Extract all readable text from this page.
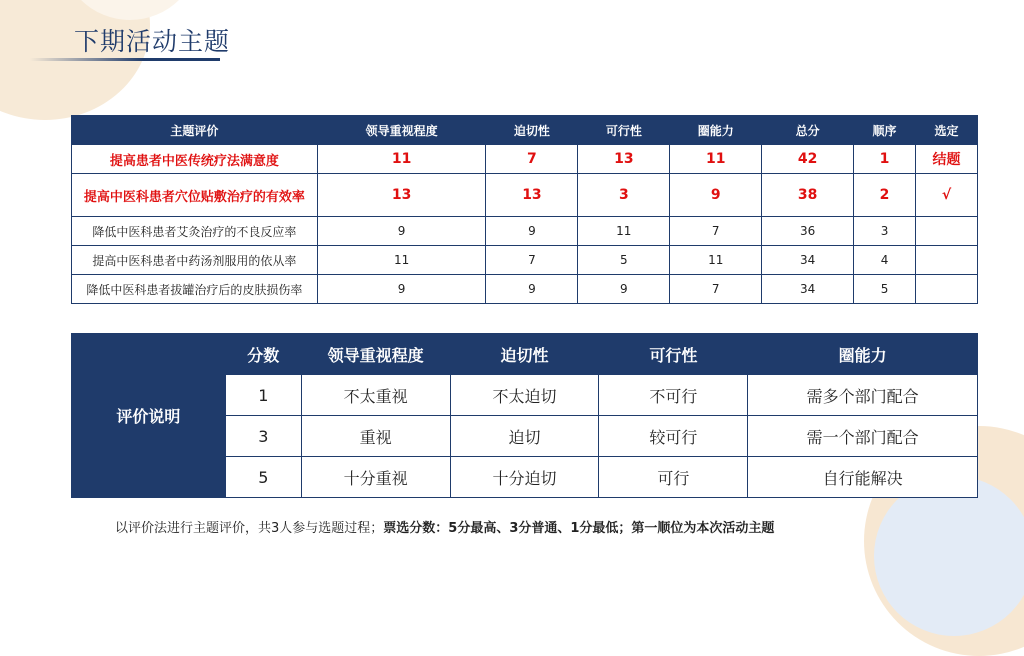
下期活动主题
主题评价	领导重视程度	迫切性	可行性	圈能力	总分	顺序	选定
提高患者中医传统疗法满意度	11	7	13	11	42	1	结题
提高中医科患者穴位贴敷治疗的有效率	13	13	3	9	38	2	√
降低中医科患者艾灸治疗的不良反应率	9	9	11	7	36	3	
提高中医科患者中药汤剂服用的依从率	11	7	5	11	34	4	
降低中医科患者拔罐治疗后的皮肤损伤率	9	9	9	7	34	5	
评价说明	分数	领导重视程度	迫切性	可行性	圈能力
	1	不太重视	不太迫切	不可行	需多个部门配合
	3	重视	迫切	较可行	需一个部门配合
	5	十分重视	十分迫切	可行	自行能解决

以评价法进行主题评价，共3人参与选题过程；票选分数：5分最高、3分普通、1分最低；第一顺位为本次活动主题
